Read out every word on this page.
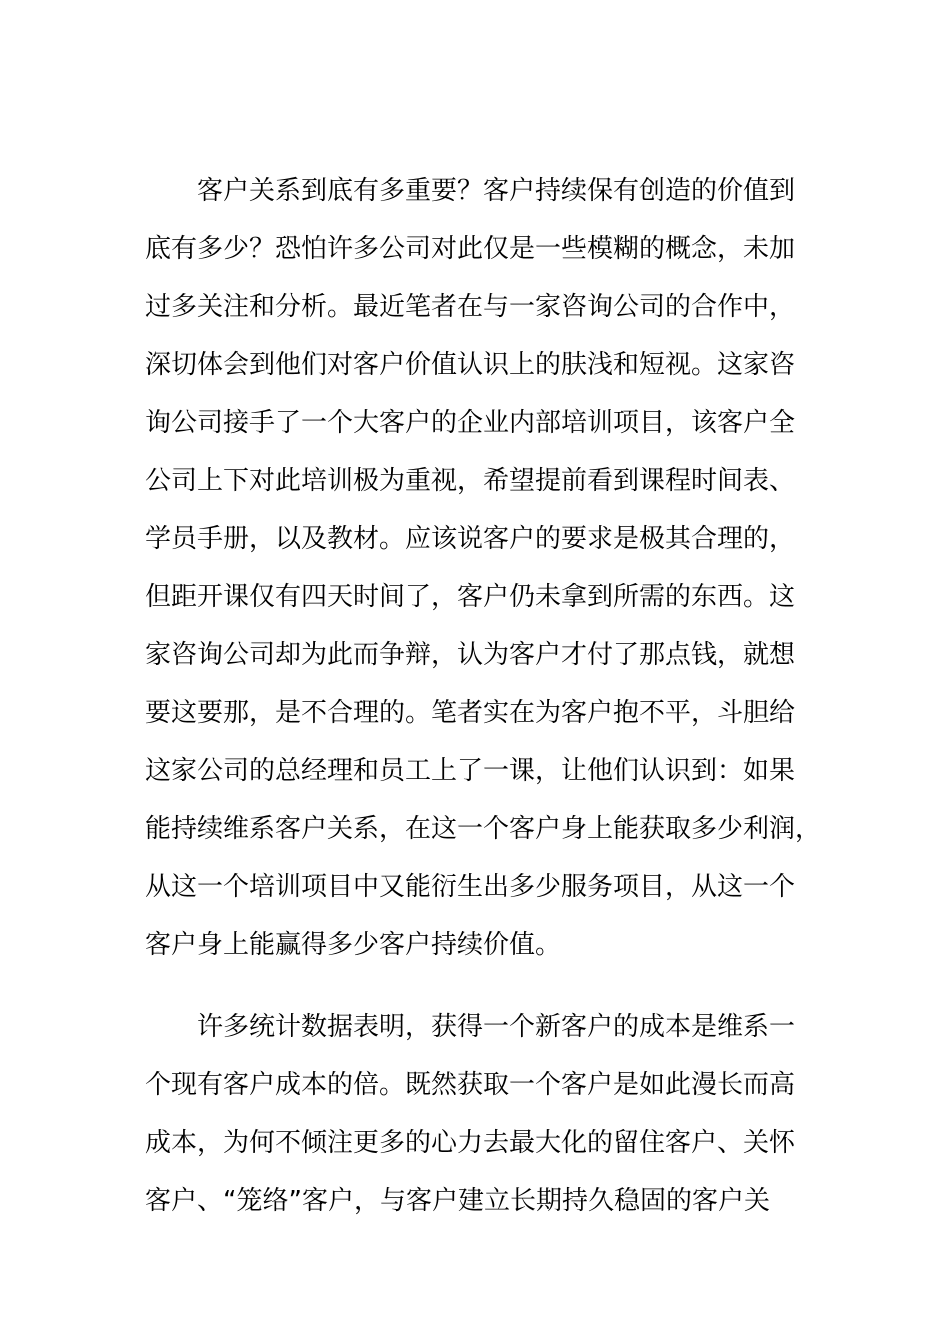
客户关系到底有多重要？客户持续保有创造的价值到
底有多少？恐怕许多公司对此仅是一些模糊的概念，未加
过多关注和分析。最近笔者在与一家咨询公司的合作中，
深切体会到他们对客户价值认识上的肤浅和短视。这家咨
询公司接手了一个大客户的企业内部培训项目，该客户全
公司上下对此培训极为重视，希望提前看到课程时间表、
学员手册，以及教材。应该说客户的要求是极其合理的，
但距开课仅有四天时间了，客户仍未拿到所需的东西。这
家咨询公司却为此而争辩，认为客户才付了那点钱，就想
要这要那，是不合理的。笔者实在为客户抱不平，斗胆给
这家公司的总经理和员工上了一课，让他们认识到：如果
能持续维系客户关系，在这一个客户身上能获取多少利润，
从这一个培训项目中又能衍生出多少服务项目，从这一个
客户身上能赢得多少客户持续价值。
许多统计数据表明，获得一个新客户的成本是维系一
个现有客户成本的倍。既然获取一个客户是如此漫长而高
成本，为何不倾注更多的心力去最大化的留住客户、关怀
客户、“笼络”客户，与客户建立长期持久稳固的客户关
